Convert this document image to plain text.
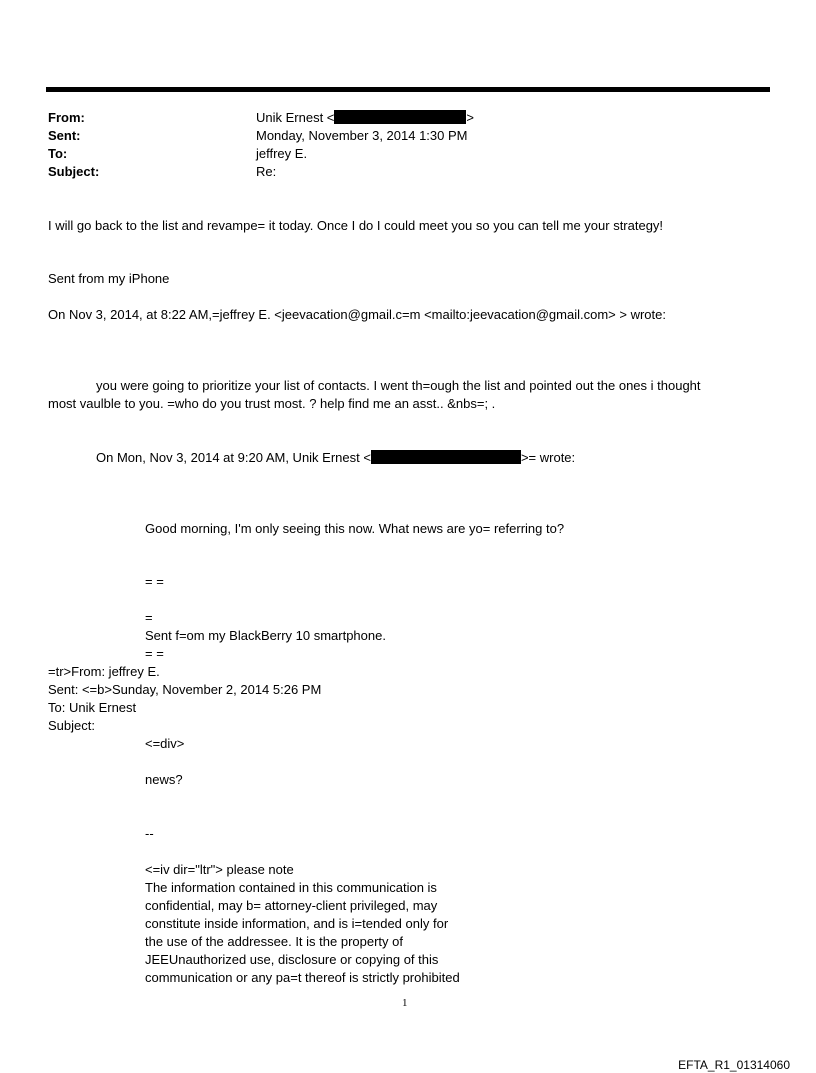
From:	Unik Ernest <	>
Sent:	Monday, November 3, 2014 1:30 PM
To:	jeffrey E.
Subject:	Re:
I will go back to the list and revampe= it today. Once I do I could meet you so you can tell me your strategy!
Sent from my iPhone
On Nov 3, 2014, at 8:22 AM,=jeffrey E. <jeevacation@gmail.c=m <mailto:jeevacation@gmail.com> > wrote:
you were going to prioritize your list of contacts. I went th=ough the list and pointed out the ones i thought
most vaulble to you. =who do you trust most. ? help find me an asst.. &nbs=; .
On Mon, Nov 3, 2014 at 9:20 AM, Unik Ernest <	>= wrote:
Good morning, I'm only seeing this now. What news are yo= referring to?
= =
=
Sent f=om my BlackBerry 10 smartphone.
= =
=tr>From: jeffrey E.
Sent: <=b>Sunday, November 2, 2014 5:26 PM
To: Unik Ernest
Subject:
<=div>
news?
--
<=iv dir="ltr"> please note
The information contained in this communication is
confidential, may b= attorney-client privileged, may
constitute inside information, and is i=tended only for
the use of the addressee. It is the property of
JEEUnauthorized use, disclosure or copying of this
communication or any pa=t thereof is strictly prohibited
1
EFTA_R1_01314060
